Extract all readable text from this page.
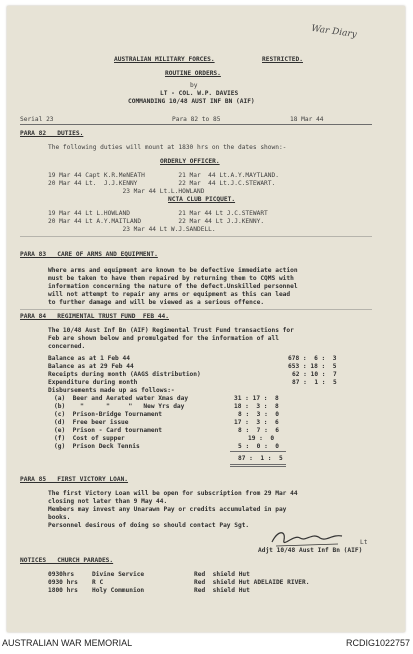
War Diary
AUSTRALIAN MILITARY FORCES.	RESTRICTED.
ROUTINE ORDERS.
by
LT - COL. W.P. DAVIES
COMMANDING 10/48 AUST INF BN (AIF)
Serial 23	Para 82 to 85	18 Mar 44
PARA 82   DUTIES.
The following duties will mount at 1830 hrs on the dates shown:-
ORDERLY OFFICER.
19 Mar 44 Capt K.R.MeNEATH         21 Mar  44 Lt.A.Y.MAYTLAND.
20 Mar 44 Lt.  J.J.KENNY           22 Mar  44 Lt.J.C.STEWART.
23 Mar 44 Lt.L.HOWLAND
NCTA CLUB PICQUET.
19 Mar 44 Lt L.HOWLAND             21 Mar 44 Lt J.C.STEWART
20 Mar 44 Lt A.Y.MAITLAND          22 Mar 44 Lt J.J.KENNY.
23 Mar 44 Lt W.J.SANDELL.
PARA 83   CARE OF ARMS AND EQUIPMENT.
Where arms and equipment are known to be defective immediate action
must be taken to have them repaired by returning them to CQMS with
information concerning the nature of the defect.Unskilled personnel
will not attempt to repair any arms or equipment as this can lead
to further damage and will be viewed as a serious offence.
PARA 84   REGIMENTAL TRUST FUND  FEB 44.
The 10/48 Aust Inf Bn (AIF) Regimental Trust Fund transactions for
Feb are shown below and promulgated for the information of all
concerned.
Balance as at 1 Feb 44	678 :  6 :  3
Balance as at 29 Feb 44	653 : 18 :  5
Receipts during month (AAGS distribution)	62 : 10 :  7
Expenditure during month	87 :  1 :  5
Disbursements made up as follows:-
(a)  Beer and Aerated water Xmas day	31 : 17 :  8
(b)    "      "     "   New Yrs day	18 :  3 :  8
(c)  Prison-Bridge Tournament	8 :  3 :  0
(d)  Free beer issue	17 :  3 :  6
(e)  Prison - Card tournament	8 :  7 :  6
(f)  Cost of supper	19 :  0
(g)  Prison Deck Tennis	5 :  0 :  0
87 :  1 :  5
PARA 85   FIRST VICTORY LOAN.
The first Victory Loan will be open for subscription from 29 Mar 44
closing not later than 9 May 44.
Members may invest any Unarawn Pay or credits accumulated in pay
books.
Personnel desirous of doing so should contact Pay Sgt.
Lt
Adjt 10/48 Aust Inf Bn (AIF)
NOTICES   CHURCH PARADES.
0930hrs	Divine Service	Red  shield Hut
0930 hrs R C	Red  shield Hut ADELAIDE RIVER.
1800 hrs Holy Communion	Red  shield Hut
AUSTRALIAN WAR MEMORIAL	RCDIG1022757
